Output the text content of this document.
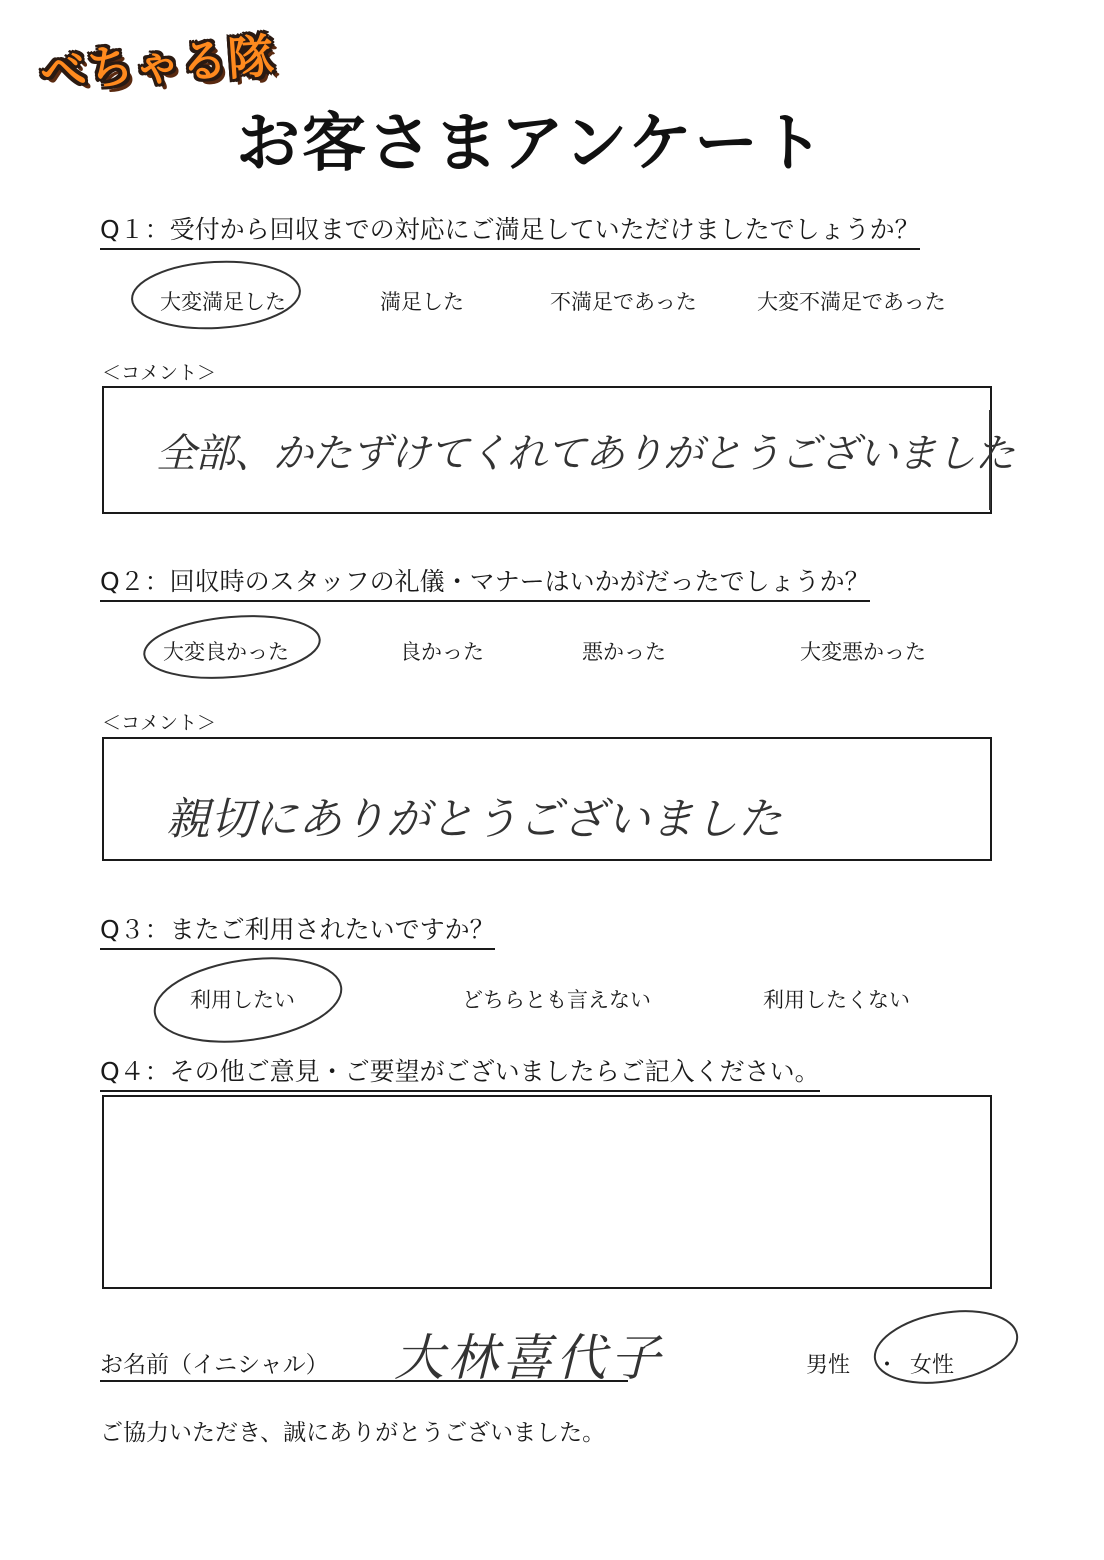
べちゃる隊
お客さまアンケート
Q１：受付から回収までの対応にご満足していただけましたでしょうか？
大変満足した	満足した	不満足であった	大変不満足であった
＜コメント＞
全部、かたずけてくれてありがとうございました
Q２：回収時のスタッフの礼儀・マナーはいかがだったでしょうか？
大変良かった	良かった	悪かった	大変悪かった
＜コメント＞
親切にありがとうございました
Q３：またご利用されたいですか？
利用したい	どちらとも言えない	利用したくない
Q４：その他ご意見・ご要望がございましたらご記入ください。
お名前（イニシャル） 大林喜代子	男性 ・ 女性
ご協力いただき、誠にありがとうございました。
